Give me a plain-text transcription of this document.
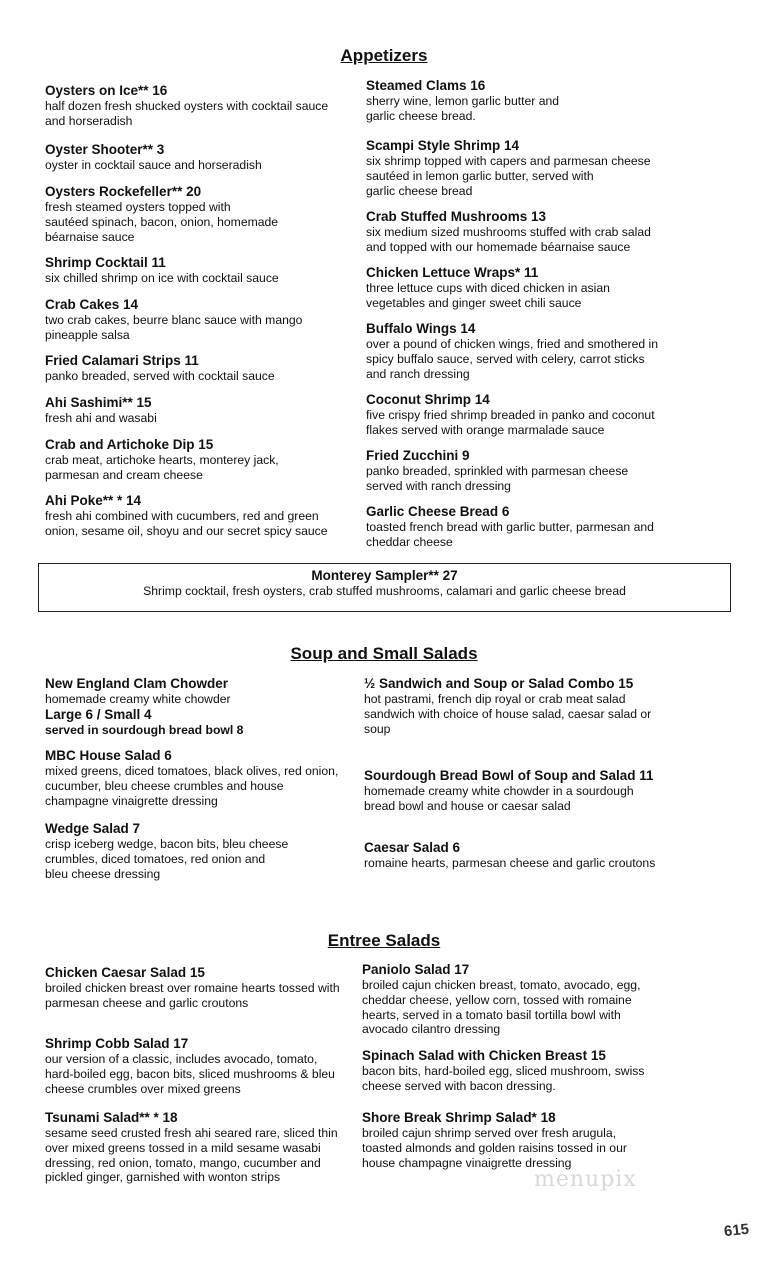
Appetizers
Oysters on Ice** 16
half dozen fresh shucked oysters with cocktail sauce
and horseradish
Oyster Shooter** 3
oyster in cocktail sauce and horseradish
Oysters Rockefeller** 20
fresh steamed oysters topped with
sautéed spinach, bacon, onion, homemade
béarnaise sauce
Shrimp Cocktail 11
six chilled shrimp on ice with cocktail sauce
Crab Cakes 14
two crab cakes, beurre blanc sauce with mango
pineapple salsa
Fried Calamari Strips 11
panko breaded, served with cocktail sauce
Ahi Sashimi** 15
fresh ahi and wasabi
Crab and Artichoke Dip 15
crab meat, artichoke hearts, monterey jack,
parmesan and cream cheese
Ahi Poke** * 14
fresh ahi combined with cucumbers, red and green
onion, sesame oil, shoyu and our secret spicy sauce
Steamed Clams 16
sherry wine, lemon garlic butter and
garlic cheese bread.
Scampi Style Shrimp 14
six shrimp topped with capers and parmesan cheese
sautéed in lemon garlic butter, served with
garlic cheese bread
Crab Stuffed Mushrooms 13
six medium sized mushrooms stuffed with crab salad
and topped with our homemade béarnaise sauce
Chicken Lettuce Wraps* 11
three lettuce cups with diced chicken in asian
vegetables and ginger sweet chili sauce
Buffalo Wings 14
over a pound of chicken wings, fried and smothered in
spicy buffalo sauce, served with celery, carrot sticks
and ranch dressing
Coconut Shrimp 14
five crispy fried shrimp breaded in panko and coconut
flakes served with orange marmalade sauce
Fried Zucchini 9
panko breaded, sprinkled with parmesan cheese
served with ranch dressing
Garlic Cheese Bread 6
toasted french bread with garlic butter, parmesan and
cheddar cheese
Monterey Sampler** 27
Shrimp cocktail, fresh oysters, crab stuffed mushrooms, calamari and garlic cheese bread
Soup and Small Salads
New England Clam Chowder
homemade creamy white chowder
Large 6 / Small 4
served in sourdough bread bowl 8
MBC House Salad 6
mixed greens, diced tomatoes, black olives, red onion,
cucumber, bleu cheese crumbles and house
champagne vinaigrette dressing
Wedge Salad 7
crisp iceberg wedge, bacon bits, bleu cheese
crumbles, diced tomatoes, red onion and
bleu cheese dressing
½ Sandwich and Soup or Salad Combo 15
hot pastrami, french dip royal or crab meat salad
sandwich with choice of house salad, caesar salad or
soup
Sourdough Bread Bowl of Soup and Salad 11
homemade creamy white chowder in a sourdough
bread bowl and house or caesar salad
Caesar Salad 6
romaine hearts, parmesan cheese and garlic croutons
Entree Salads
Chicken Caesar Salad 15
broiled chicken breast over romaine hearts tossed with
parmesan cheese and garlic croutons
Shrimp Cobb Salad 17
our version of a classic, includes avocado, tomato,
hard-boiled egg, bacon bits, sliced mushrooms & bleu
cheese crumbles over mixed greens
Tsunami Salad** * 18
sesame seed crusted fresh ahi seared rare, sliced thin
over mixed greens tossed in a mild sesame wasabi
dressing, red onion, tomato, mango, cucumber and
pickled ginger, garnished with wonton strips
Paniolo Salad 17
broiled cajun chicken breast, tomato, avocado, egg,
cheddar cheese, yellow corn, tossed with romaine
hearts, served in a tomato basil tortilla bowl with
avocado cilantro dressing
Spinach Salad with Chicken Breast 15
bacon bits, hard-boiled egg, sliced mushroom, swiss
cheese served with bacon dressing.
Shore Break Shrimp Salad* 18
broiled cajun shrimp served over fresh arugula,
toasted almonds and golden raisins tossed in our
house champagne vinaigrette dressing
menupix
615
